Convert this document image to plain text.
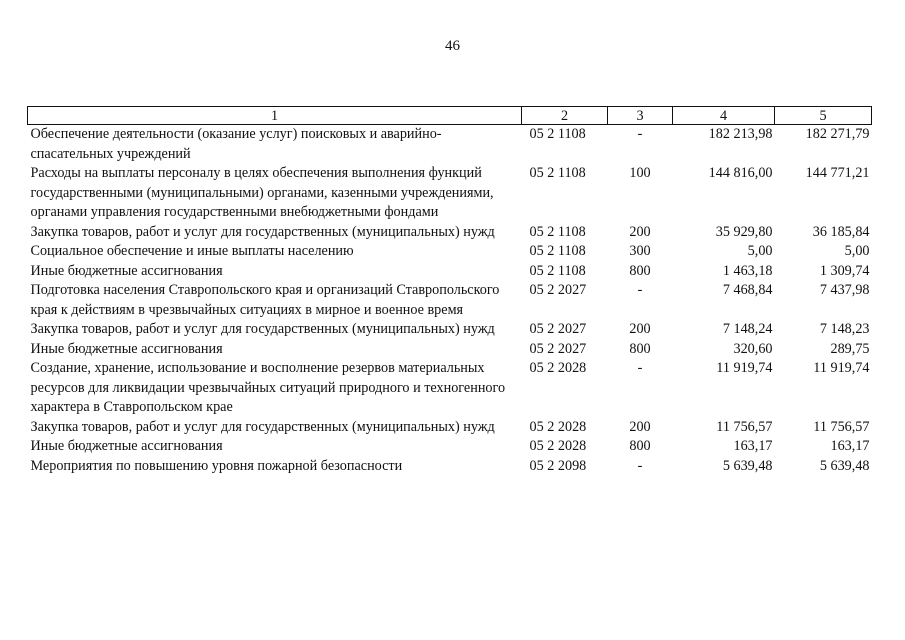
46
1	2	3	4	5
Обеспечение деятельности (оказание услуг) поисковых и аварийно-спасательных учреждений	05 2 1108	-	182 213,98	182 271,79
Расходы на выплаты персоналу в целях обеспечения выполнения функций государственными (муниципальными) органами, казенными учреждениями, органами управления государственными внебюджетными фондами	05 2 1108	100	144 816,00	144 771,21
Закупка товаров, работ и услуг для государственных (муниципальных) нужд	05 2 1108	200	35 929,80	36 185,84
Социальное обеспечение и иные выплаты населению	05 2 1108	300	5,00	5,00
Иные бюджетные ассигнования	05 2 1108	800	1 463,18	1 309,74
Подготовка населения Ставропольского края и организаций Ставропольского края к действиям в чрезвычайных ситуациях в мирное и военное время	05 2 2027	-	7 468,84	7 437,98
Закупка товаров, работ и услуг для государственных (муниципальных) нужд	05 2 2027	200	7 148,24	7 148,23
Иные бюджетные ассигнования	05 2 2027	800	320,60	289,75
Создание, хранение, использование и восполнение резервов материальных ресурсов для ликвидации чрезвычайных ситуаций природного и техногенного характера в Ставропольском крае	05 2 2028	-	11 919,74	11 919,74
Закупка товаров, работ и услуг для государственных (муниципальных) нужд	05 2 2028	200	11 756,57	11 756,57
Иные бюджетные ассигнования	05 2 2028	800	163,17	163,17
Мероприятия по повышению уровня пожарной безопасности	05 2 2098	-	5 639,48	5 639,48
